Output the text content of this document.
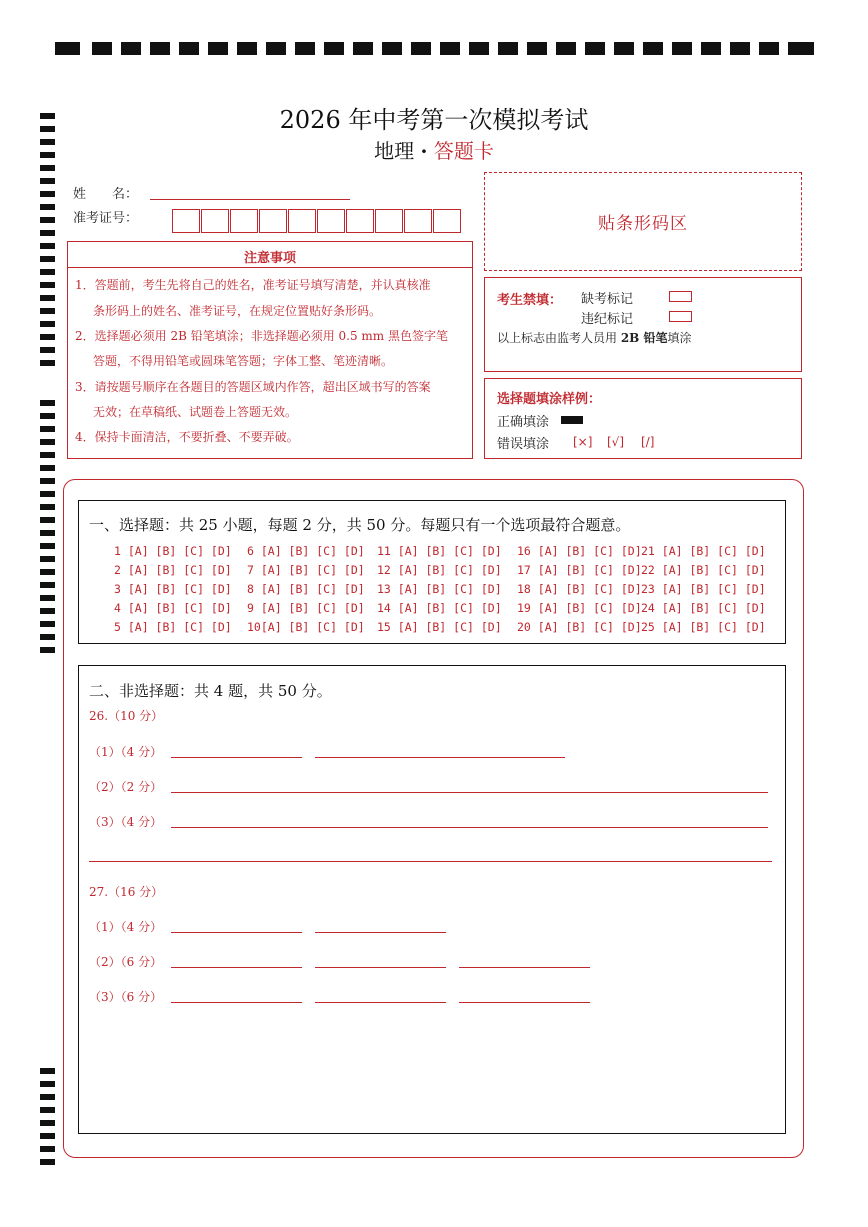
2026 年中考第一次模拟考试
地理 · 答题卡
姓　　名：
准考证号：	贴条形码区
注意事项
1．答题前，考生先将自己的姓名，准考证号填写清楚，并认真核准
条形码上的姓名、准考证号，在规定位置贴好条形码。
2．选择题必须用 2B 铅笔填涂；非选择题必须用 0.5 mm 黑色签字笔
答题，不得用铅笔或圆珠笔答题；字体工整、笔迹清晰。
3．请按题号顺序在各题目的答题区域内作答，超出区域书写的答案
无效；在草稿纸、试题卷上答题无效。
4．保持卡面清洁，不要折叠、不要弄破。
考生禁填： 缺考标记
违纪标记
以上标志由监考人员用 2B 铅笔填涂
选择题填涂样例：
正确填涂
错误填涂 [×] [√] [/]
一、选择题：共 25 小题，每题 2 分，共 50 分。每题只有一个选项最符合题意。
1 [A] [B] [C] [D]
2 [A] [B] [C] [D]
3 [A] [B] [C] [D]
4 [A] [B] [C] [D]
5 [A] [B] [C] [D]
6 [A] [B] [C] [D]
7 [A] [B] [C] [D]
8 [A] [B] [C] [D]
9 [A] [B] [C] [D]
10[A] [B] [C] [D]
11 [A] [B] [C] [D]
12 [A] [B] [C] [D]
13 [A] [B] [C] [D]
14 [A] [B] [C] [D]
15 [A] [B] [C] [D]
16 [A] [B] [C] [D]
17 [A] [B] [C] [D]
18 [A] [B] [C] [D]
19 [A] [B] [C] [D]
20 [A] [B] [C] [D]
21 [A] [B] [C] [D]
22 [A] [B] [C] [D]
23 [A] [B] [C] [D]
24 [A] [B] [C] [D]
25 [A] [B] [C] [D]
二、非选择题：共 4 题，共 50 分。
26.（10 分）
（1）（4 分）
（2）（2 分）
（3）（4 分）
27.（16 分）
（1）（4 分）
（2）（6 分）
（3）（6 分）
